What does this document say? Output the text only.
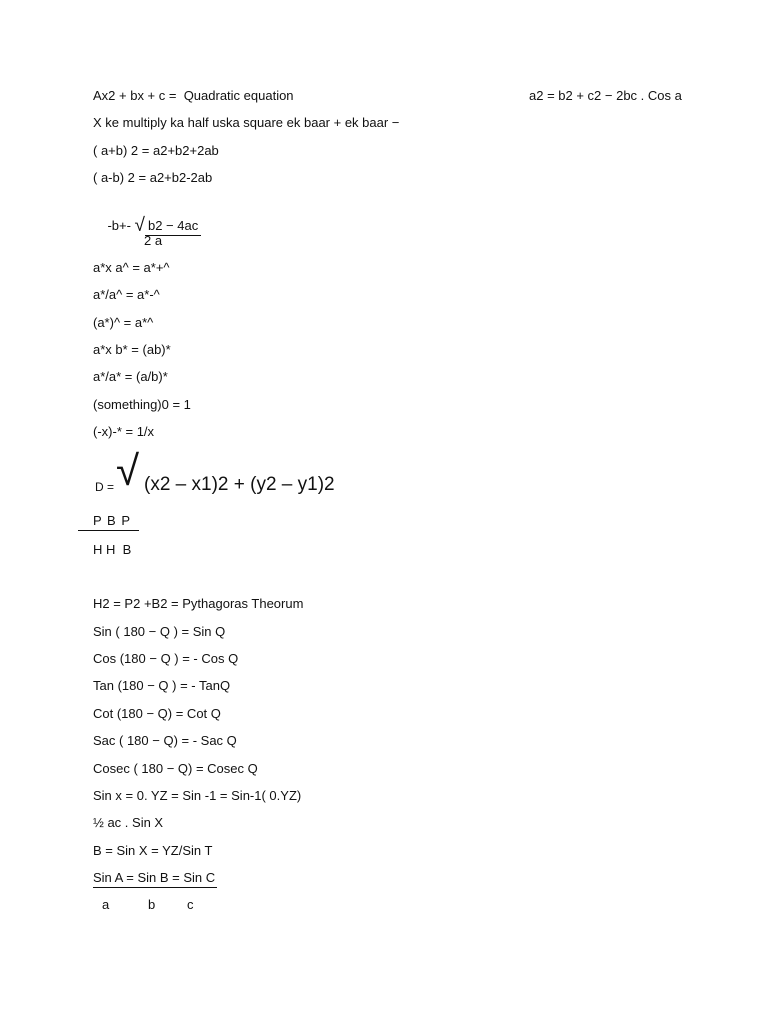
Ax2 + bx + c =  Quadratic equation	a2 = b2 + c2 − 2bc . Cos a
X ke multiply ka half uska square ek baar + ek baar −
( a+b) 2 = a2+b2+2ab
( a-b) 2 = a2+b2-2ab

-b+- √ b2 − 4ac

2 a
a*x a^ = a*+^
a*/a^ = a*-^
(a*)^ = a*^
a*x b* = (ab)*
a*/a* = (a/b)*
(something)0 = 1
(-x)-* = 1/x
D = √ (x2 – x1)2 + (y2 – y1)2
P B P
H H  B
H2 = P2 +B2 = Pythagoras Theorum
Sin ( 180 − Q ) = Sin Q
Cos (180 − Q ) = - Cos Q
Tan (180 − Q ) = - TanQ
Cot (180 − Q) = Cot Q
Sac ( 180 − Q) = - Sac Q
Cosec ( 180 − Q) = Cosec Q
Sin x = 0. YZ = Sin -1 = Sin-1( 0.YZ)
½ ac . Sin X
B = Sin X = YZ/Sin T
Sin A = Sin B = Sin C
a	b c
